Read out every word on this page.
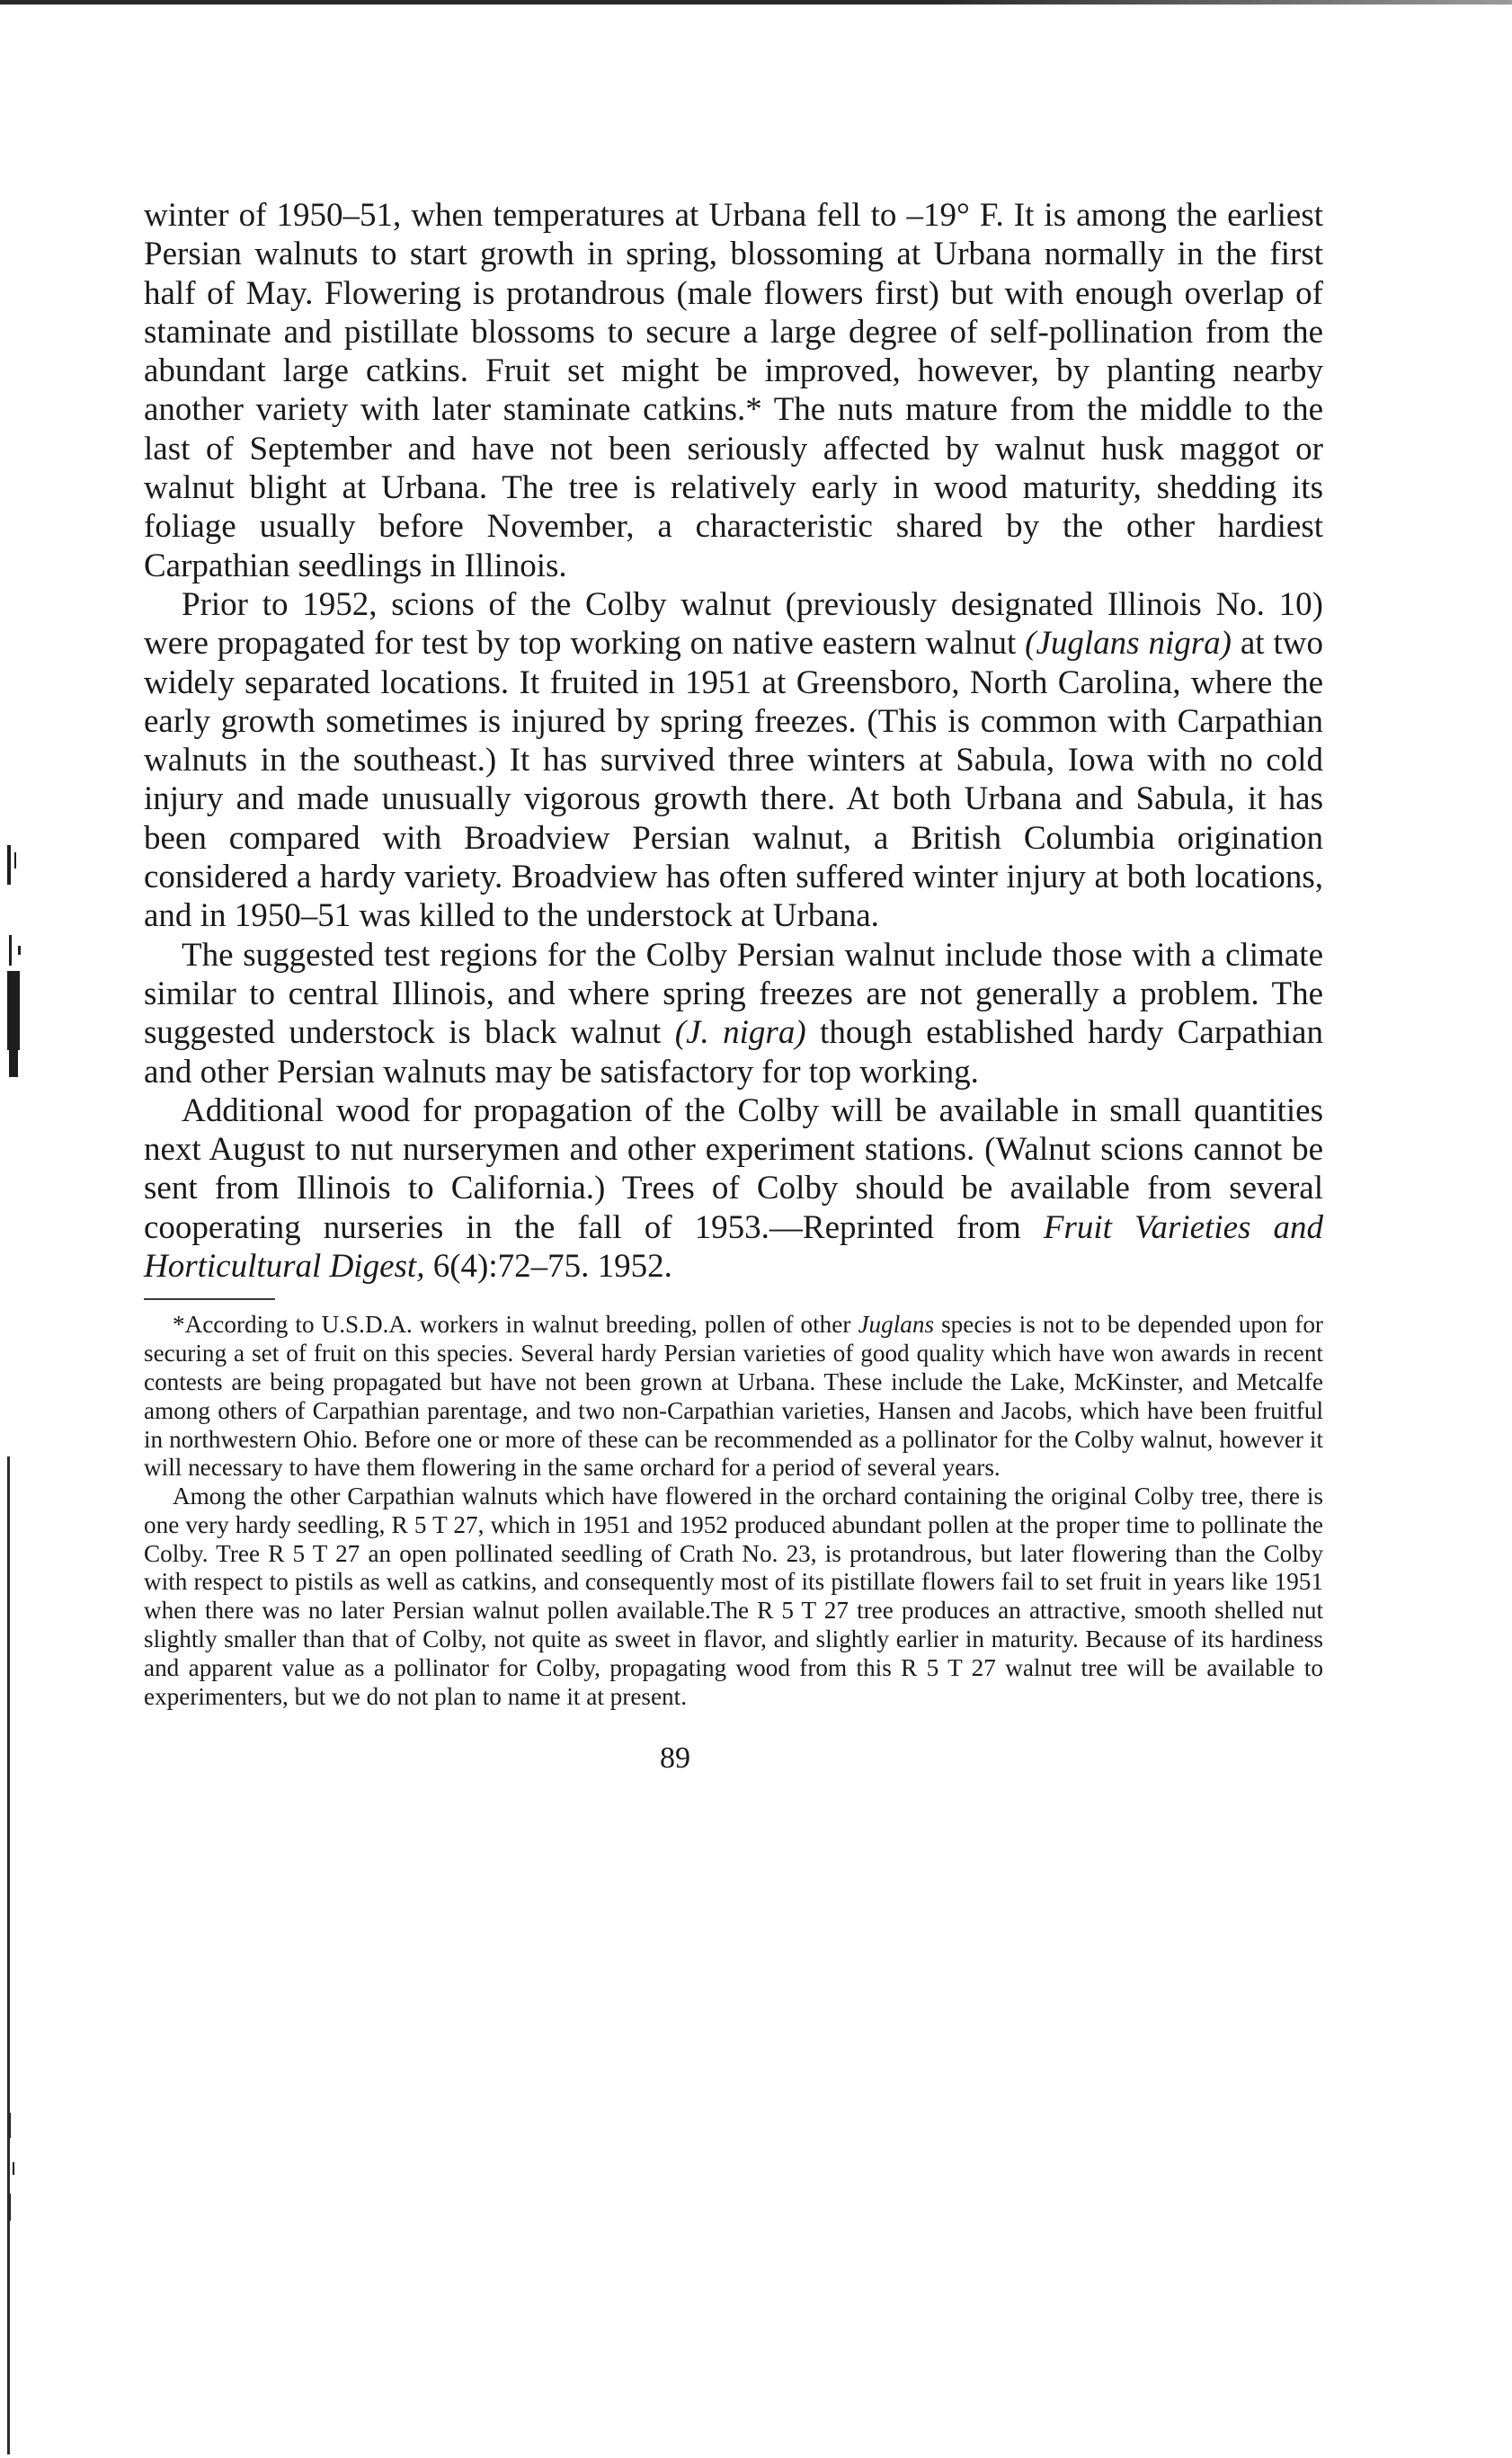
winter of 1950–51, when temperatures at Urbana fell to –19° F. It is among the earliest Persian walnuts to start growth in spring, blossoming at Urbana normally in the first half of May. Flowering is protandrous (male flowers first) but with enough overlap of staminate and pistillate blossoms to secure a large degree of self-pollination from the abundant large catkins. Fruit set might be improved, however, by planting nearby another variety with later staminate catkins.* The nuts mature from the middle to the last of September and have not been seriously affected by walnut husk maggot or walnut blight at Urbana. The tree is relatively early in wood maturity, shedding its foliage usually before November, a characteristic shared by the other hardiest Carpathian seedlings in Illinois.
Prior to 1952, scions of the Colby walnut (previously designated Illinois No. 10) were propagated for test by top working on native eastern walnut (Juglans nigra) at two widely separated locations. It fruited in 1951 at Greensboro, North Carolina, where the early growth sometimes is injured by spring freezes. (This is common with Carpathian walnuts in the southeast.) It has survived three winters at Sabula, Iowa with no cold injury and made unusually vigorous growth there. At both Urbana and Sabula, it has been compared with Broadview Persian walnut, a British Columbia origination considered a hardy variety. Broadview has often suffered winter injury at both locations, and in 1950–51 was killed to the understock at Urbana.
The suggested test regions for the Colby Persian walnut include those with a climate similar to central Illinois, and where spring freezes are not generally a problem. The suggested understock is black walnut (J. nigra) though established hardy Carpathian and other Persian walnuts may be satisfactory for top working.
Additional wood for propagation of the Colby will be available in small quantities next August to nut nurserymen and other experiment stations. (Walnut scions cannot be sent from Illinois to California.) Trees of Colby should be available from several cooperating nurseries in the fall of 1953.—Reprinted from Fruit Varieties and Horticultural Digest, 6(4):72–75. 1952.
*According to U.S.D.A. workers in walnut breeding, pollen of other Juglans species is not to be depended upon for securing a set of fruit on this species. Several hardy Persian varieties of good quality which have won awards in recent contests are being propagated but have not been grown at Urbana. These include the Lake, McKinster, and Metcalfe among others of Carpathian parentage, and two non-Carpathian varieties, Hansen and Jacobs, which have been fruitful in northwestern Ohio. Before one or more of these can be recommended as a pollinator for the Colby walnut, however it will necessary to have them flowering in the same orchard for a period of several years.
Among the other Carpathian walnuts which have flowered in the orchard containing the original Colby tree, there is one very hardy seedling, R 5 T 27, which in 1951 and 1952 produced abundant pollen at the proper time to pollinate the Colby. Tree R 5 T 27 an open pollinated seedling of Crath No. 23, is protandrous, but later flowering than the Colby with respect to pistils as well as catkins, and consequently most of its pistillate flowers fail to set fruit in years like 1951 when there was no later Persian walnut pollen available.The R 5 T 27 tree produces an attractive, smooth shelled nut slightly smaller than that of Colby, not quite as sweet in flavor, and slightly earlier in maturity. Because of its hardiness and apparent value as a pollinator for Colby, propagating wood from this R 5 T 27 walnut tree will be available to experimenters, but we do not plan to name it at present.
89
